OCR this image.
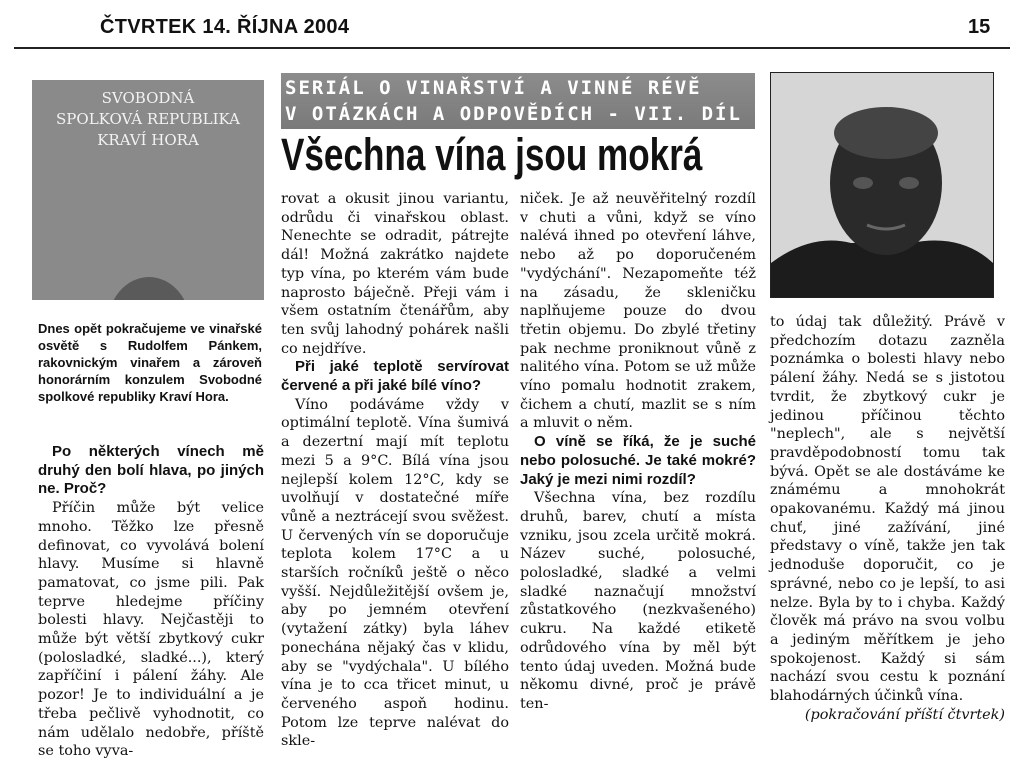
ČTVRTEK 14. ŘÍJNA 2004	15
SVOBODNÁ
SPOLKOVÁ REPUBLIKA
KRAVÍ HORA
SERIÁL O VINAŘSTVÍ A VINNÉ RÉVĚ
V OTÁZKÁCH A ODPOVĚDÍCH - VII. DÍL
Všechna vína jsou mokrá
Dnes opět pokračujeme ve vinařské osvětě s Rudolfem Pánkem, rakovnickým vinařem a zároveň honorárním konzulem Svobodné spolkové republiky Kraví Hora.

Po některých vínech mě druhý den bolí hlava, po jiných ne. Proč?

Příčin může být velice mnoho. Těžko lze přesně definovat, co vyvolává bolení hlavy. Musíme si hlavně pamatovat, co jsme pili. Pak teprve hledejme příčiny bolesti hlavy. Nejčastěji to může být větší zbytkový cukr (polosladké, sladké...), který zapříčiní i pálení žáhy. Ale pozor! Je to individuální a je třeba pečlivě vyhodnotit, co nám udělalo nedobře, příště se toho vyva-

rovat a okusit jinou variantu, odrůdu či vinařskou oblast. Nenechte se odradit, pátrejte dál! Možná zakrátko najdete typ vína, po kterém vám bude naprosto báječně. Přeji vám i všem ostatním čtenářům, aby ten svůj lahodný pohárek našli co nejdříve.

Při jaké teplotě servírovat červené a při jaké bílé víno?

Víno podáváme vždy v optimální teplotě. Vína šumivá a dezertní mají mít teplotu mezi 5 a 9°C. Bílá vína jsou nejlepší kolem 12°C, kdy se uvolňují v dostatečné míře vůně a neztrácejí svou svěžest. U červených vín se doporučuje teplota kolem 17°C a u starších ročníků ještě o něco vyšší. Nejdůležitější ovšem je, aby po jemném otevření (vytažení zátky) byla láhev ponechána nějaký čas v klidu, aby se "vydýchala". U bílého vína je to cca třicet minut, u červeného aspoň hodinu. Potom lze teprve nalévat do skle-

niček. Je až neuvěřitelný rozdíl v chuti a vůni, když se víno nalévá ihned po otevření láhve, nebo až po doporučeném "vydýchání". Nezapomeňte též na zásadu, že skleničku naplňujeme pouze do dvou třetin objemu. Do zbylé třetiny pak nechme proniknout vůně z nalitého vína. Potom se už může víno pomalu hodnotit zrakem, čichem a chutí, mazlit se s ním a mluvit o něm.

O víně se říká, že je suché nebo polosuché. Je také mokré? Jaký je mezi nimi rozdíl?

Všechna vína, bez rozdílu druhů, barev, chutí a místa vzniku, jsou zcela určitě mokrá. Název suché, polosuché, polosladké, sladké a velmi sladké naznačují množství zůstatkového (nezkvašeného) cukru. Na každé etiketě odrůdového vína by měl být tento údaj uveden. Možná bude někomu divné, proč je právě ten-

to údaj tak důležitý. Právě v předchozím dotazu zazněla poznámka o bolesti hlavy nebo pálení žáhy. Nedá se s jistotou tvrdit, že zbytkový cukr je jedinou příčinou těchto "neplech", ale s největší pravděpodobností tomu tak bývá. Opět se ale dostáváme ke známému a mnohokrát opakovanému. Každý má jinou chuť, jiné zažívání, jiné představy o víně, takže jen tak jednoduše doporučit, co je správné, nebo co je lepší, to asi nelze. Byla by to i chyba. Každý člověk má právo na svou volbu a jediným měřítkem je jeho spokojenost. Každý si sám nachází svou cestu k poznání blahodárných účinků vína.

(pokračování příští čtvrtek)
